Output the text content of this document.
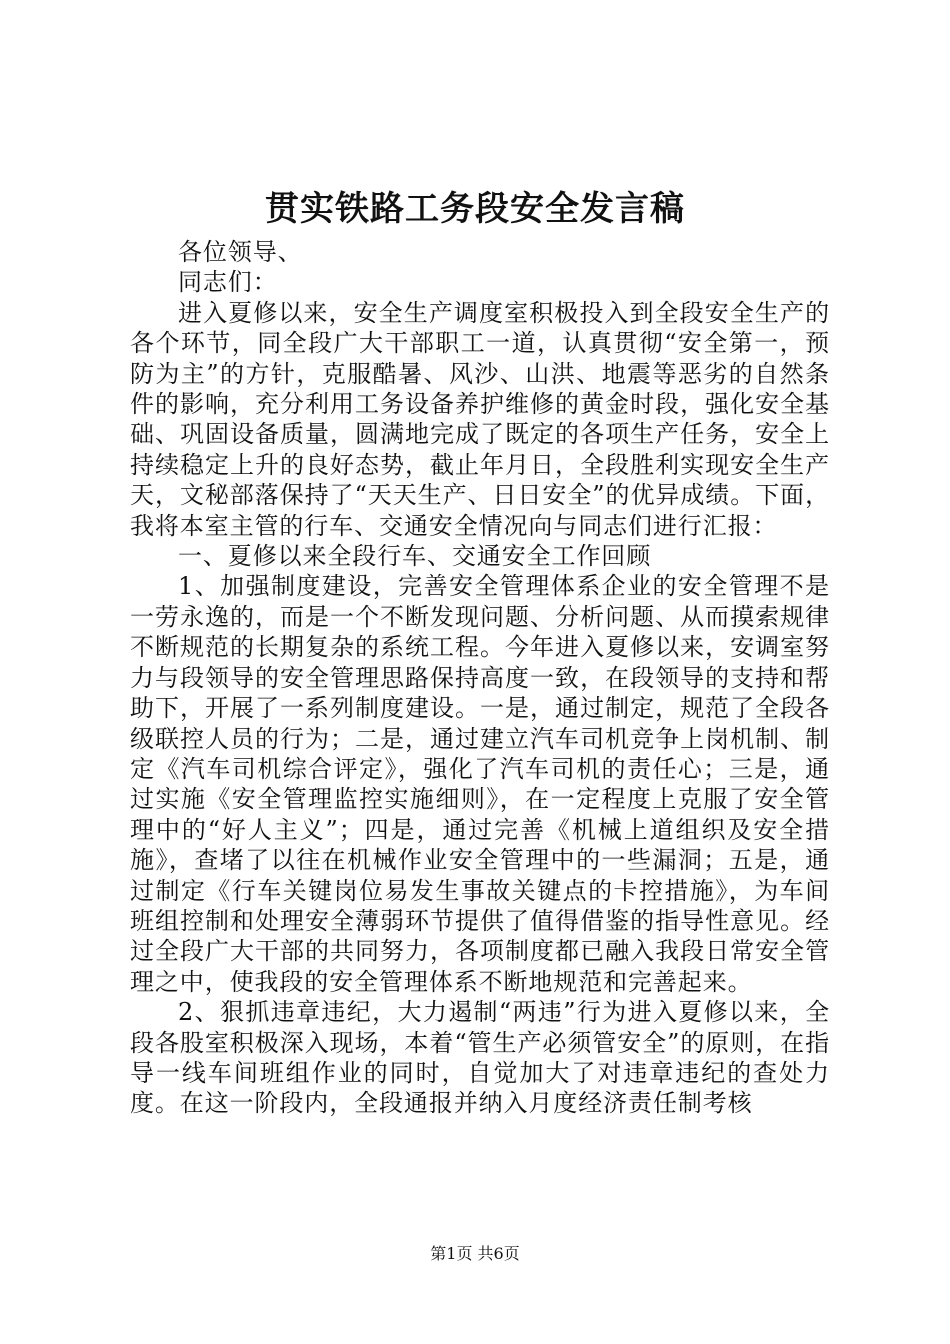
贯实铁路工务段安全发言稿

各位领导、

同志们：

进入夏修以来，安全生产调度室积极投入到全段安全生产的各个环节，同全段广大干部职工一道，认真贯彻“安全第一，预防为主”的方针，克服酷暑、风沙、山洪、地震等恶劣的自然条件的影响，充分利用工务设备养护维修的黄金时段，强化安全基础、巩固设备质量，圆满地完成了既定的各项生产任务，安全上持续稳定上升的良好态势，截止年月日，全段胜利实现安全生产天，文秘部落保持了“天天生产、日日安全”的优异成绩。下面，我将本室主管的行车、交通安全情况向与同志们进行汇报：

一、夏修以来全段行车、交通安全工作回顾

1、加强制度建设，完善安全管理体系企业的安全管理不是一劳永逸的，而是一个不断发现问题、分析问题、从而摸索规律不断规范的长期复杂的系统工程。今年进入夏修以来，安调室努力与段领导的安全管理思路保持高度一致，在段领导的支持和帮助下，开展了一系列制度建设。一是，通过制定，规范了全段各级联控人员的行为；二是，通过建立汽车司机竞争上岗机制、制定《汽车司机综合评定》，强化了汽车司机的责任心；三是，通过实施《安全管理监控实施细则》，在一定程度上克服了安全管理中的“好人主义”；四是，通过完善《机械上道组织及安全措施》，查堵了以往在机械作业安全管理中的一些漏洞；五是，通过制定《行车关键岗位易发生事故关键点的卡控措施》，为车间班组控制和处理安全薄弱环节提供了值得借鉴的指导性意见。经过全段广大干部的共同努力，各项制度都已融入我段日常安全管理之中，使我段的安全管理体系不断地规范和完善起来。

2、狠抓违章违纪，大力遏制“两违”行为进入夏修以来，全段各股室积极深入现场，本着“管生产必须管安全”的原则，在指导一线车间班组作业的同时，自觉加大了对违章违纪的查处力度。在这一阶段内，全段通报并纳入月度经济责任制考核

第1页 共6页
